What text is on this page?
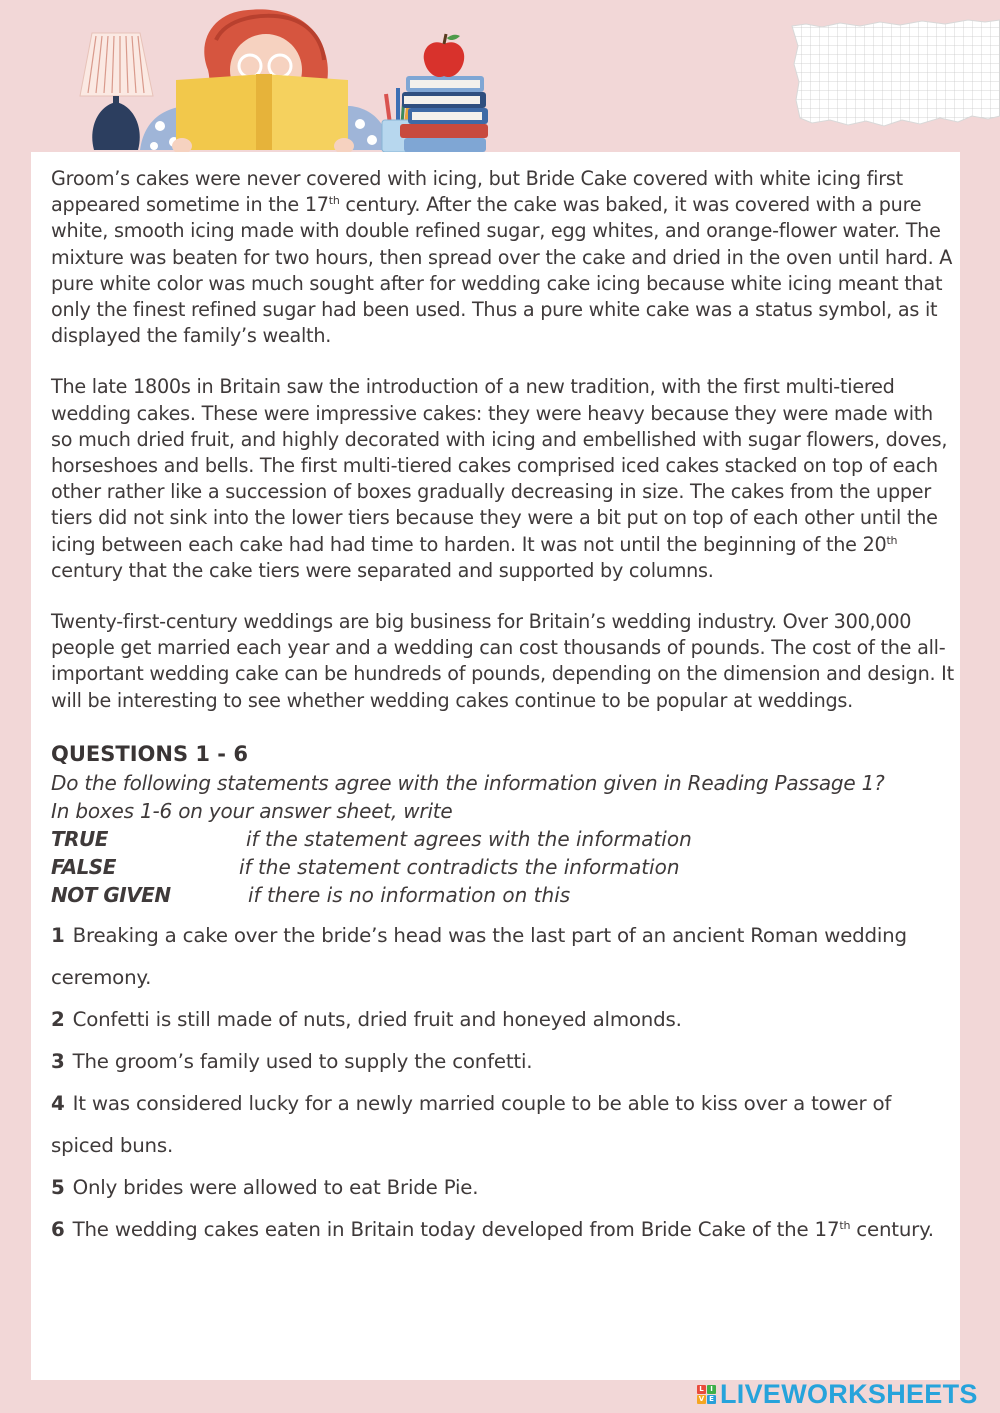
Groom’s cakes were never covered with icing, but Bride Cake covered with white icing first appeared sometime in the 17th century. After the cake was baked, it was covered with a pure white, smooth icing made with double refined sugar, egg whites, and orange-flower water. The mixture was beaten for two hours, then spread over the cake and dried in the oven until hard. A pure white color was much sought after for wedding cake icing because white icing meant that only the finest refined sugar had been used. Thus a pure white cake was a status symbol, as it displayed the family’s wealth.

The late 1800s in Britain saw the introduction of a new tradition, with the first multi-tiered wedding cakes. These were impressive cakes: they were heavy because they were made with so much dried fruit, and highly decorated with icing and embellished with sugar flowers, doves, horseshoes and bells. The first multi-tiered cakes comprised iced cakes stacked on top of each other rather like a succession of boxes gradually decreasing in size. The cakes from the upper tiers did not sink into the lower tiers because they were a bit put on top of each other until the icing between each cake had had time to harden. It was not until the beginning of the 20th century that the cake tiers were separated and supported by columns.

Twenty-first-century weddings are big business for Britain’s wedding industry. Over 300,000 people get married each year and a wedding can cost thousands of pounds. The cost of the all-important wedding cake can be hundreds of pounds, depending on the dimension and design. It will be interesting to see whether wedding cakes continue to be popular at weddings.

QUESTIONS 1 - 6

Do the following statements agree with the information given in Reading Passage 1?

In boxes 1-6 on your answer sheet, write

TRUE	if the statement agrees with the information
FALSE	if the statement contradicts the information
NOT GIVEN	if there is no information on this

1 Breaking a cake over the bride’s head was the last part of an ancient Roman wedding ceremony.

2 Confetti is still made of nuts, dried fruit and honeyed almonds.

3 The groom’s family used to supply the confetti.

4 It was considered lucky for a newly married couple to be able to kiss over a tower of spiced buns.

5 Only brides were allowed to eat Bride Pie.

6 The wedding cakes eaten in Britain today developed from Bride Cake of the 17th century.

L I
V E LIVEWORKSHEETS
